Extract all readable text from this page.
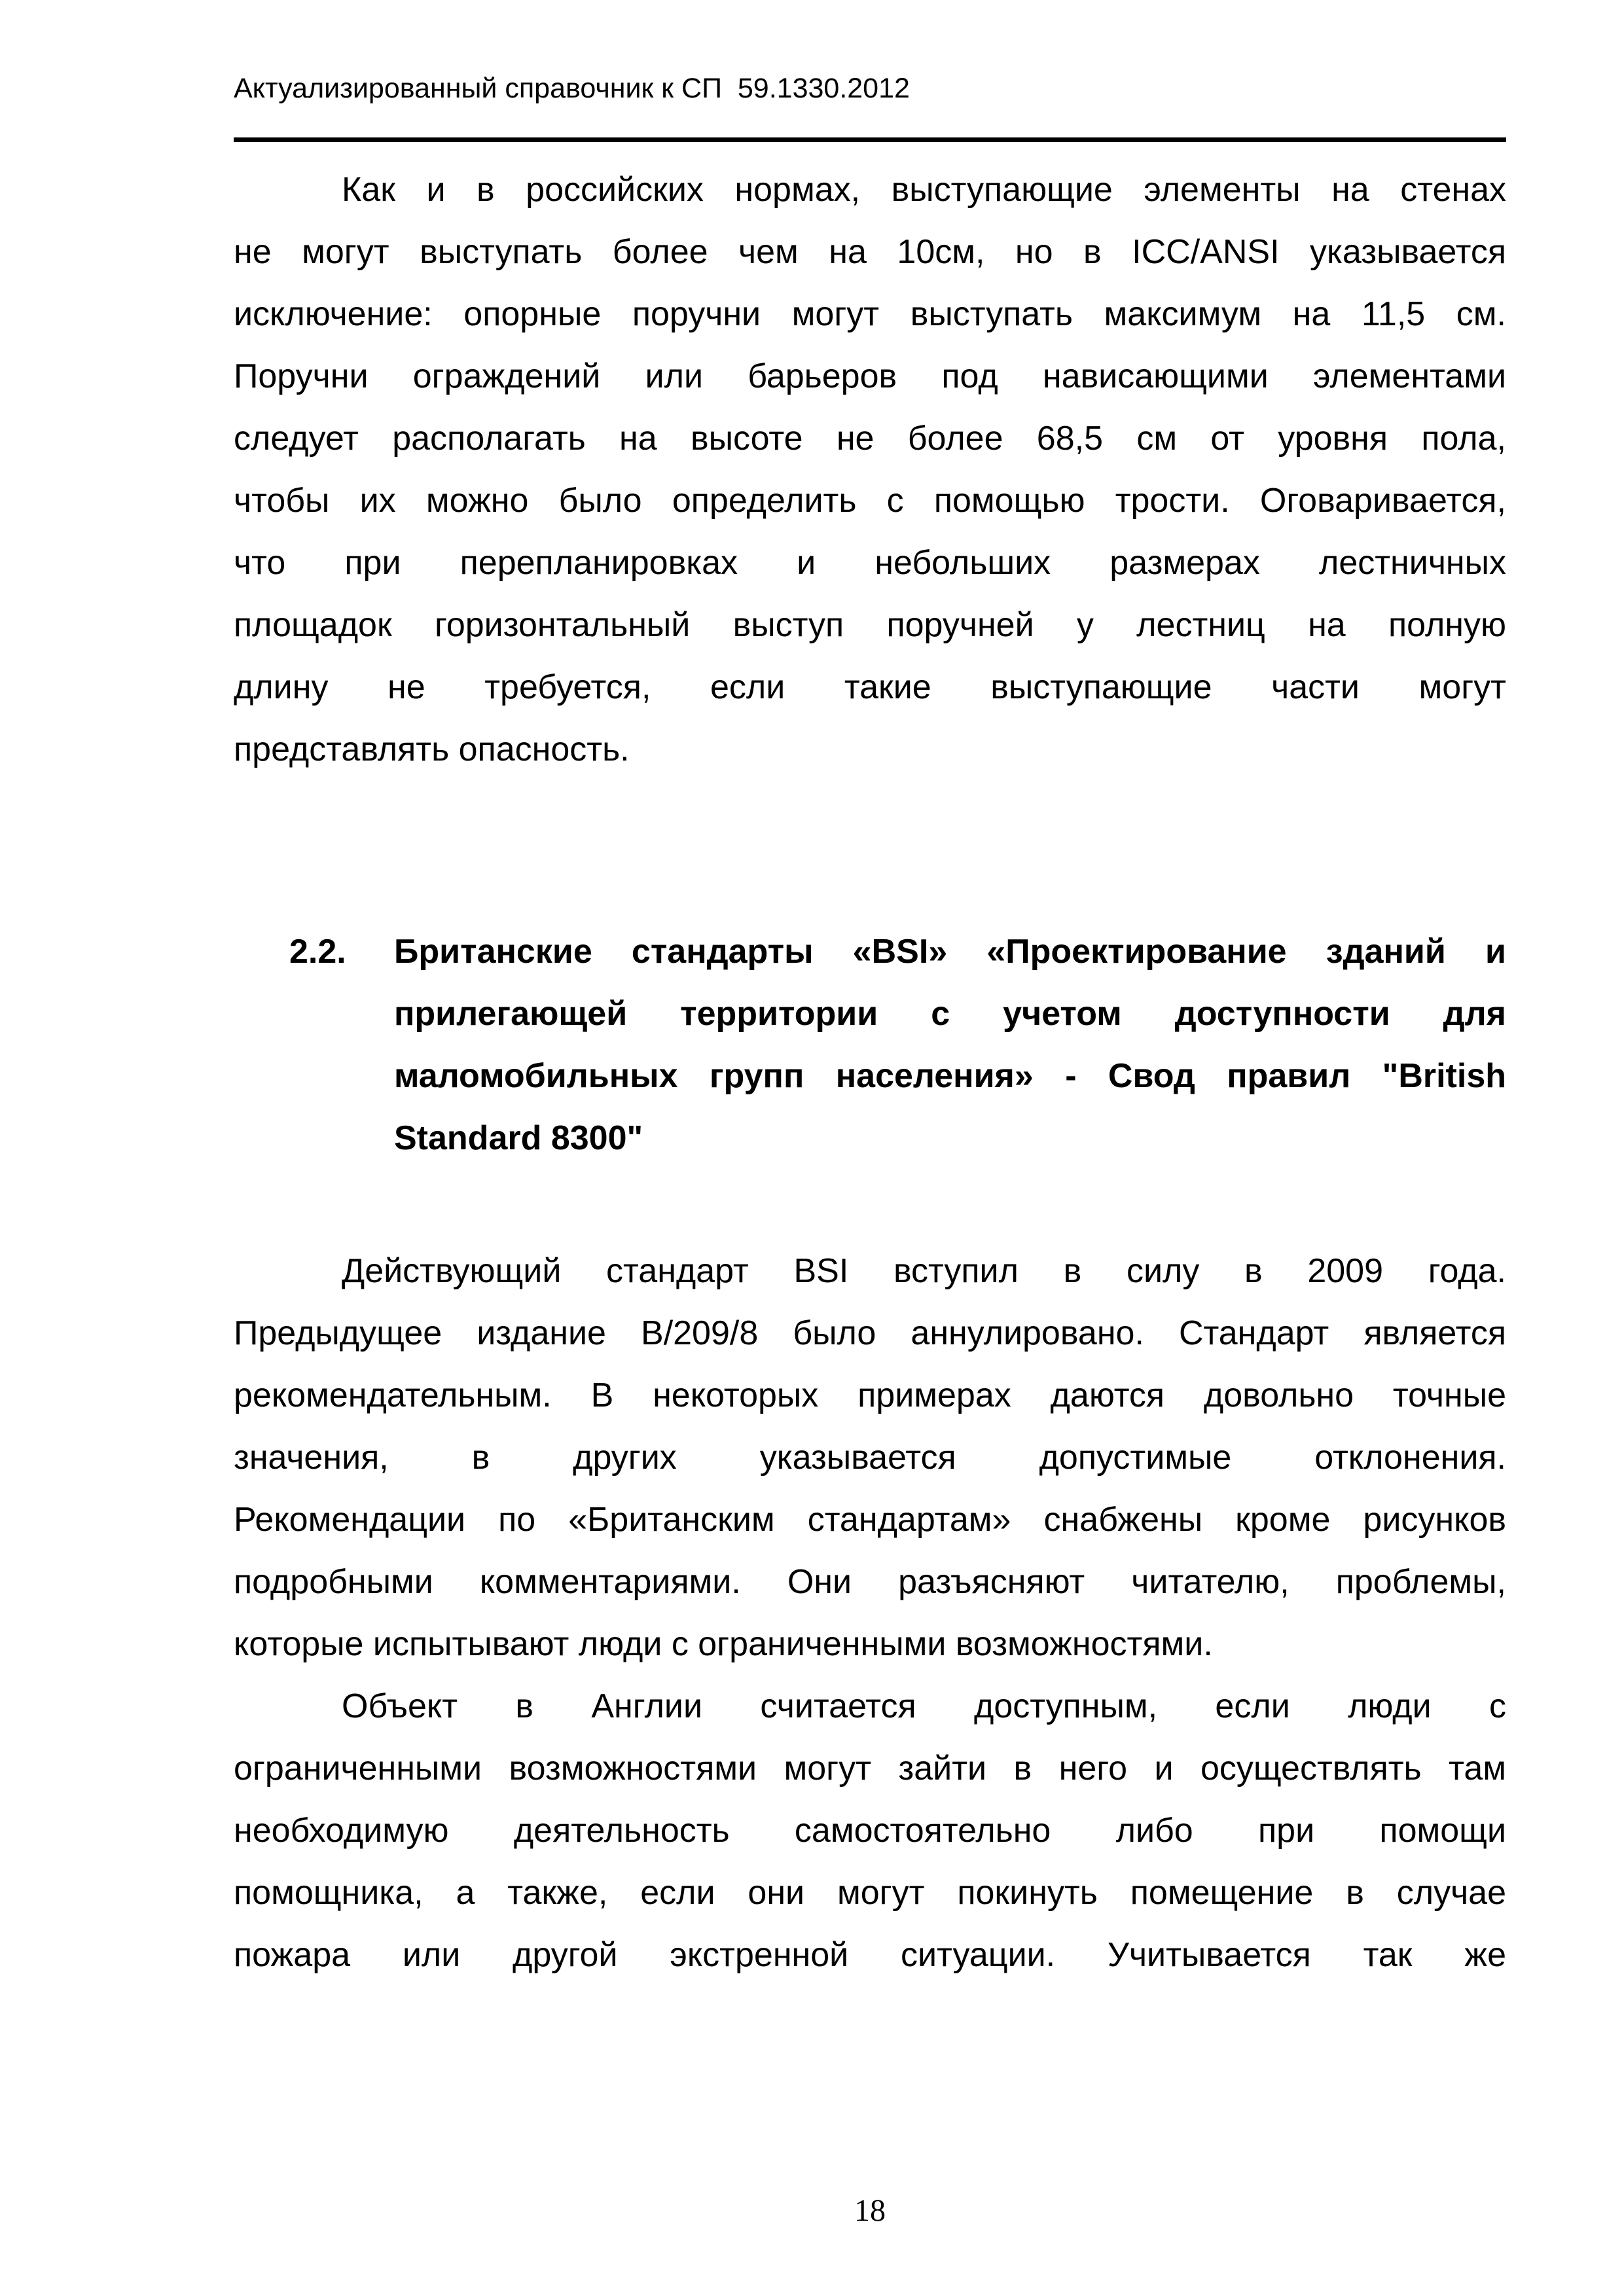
Актуализированный справочник к СП  59.1330.2012
Как и в российских нормах, выступающие элементы на стенах
не могут выступать более чем на 10см, но в ICC/ANSI указывается
исключение: опорные поручни могут выступать максимум на 11,5 см.
Поручни ограждений или барьеров под нависающими элементами
следует располагать на высоте не более 68,5 см от уровня пола,
чтобы их можно было определить с помощью трости. Оговаривается,
что при перепланировках и небольших размерах лестничных
площадок горизонтальный выступ поручней у лестниц на полную
длину не требуется, если такие выступающие части могут
представлять опасность.
2.2. Британские стандарты «BSI» «Проектирование зданий и
прилегающей территории с учетом доступности для
маломобильных групп населения» - Свод правил "British
Standard 8300"
Действующий стандарт BSI вступил в силу в 2009 года.
Предыдущее издание В/209/8 было аннулировано. Стандарт является
рекомендательным. В некоторых примерах даются довольно точные
значения, в других указывается допустимые отклонения.
Рекомендации по «Британским стандартам» снабжены кроме рисунков
подробными комментариями. Они разъясняют читателю, проблемы,
которые испытывают люди с ограниченными возможностями.
Объект в Англии считается доступным, если люди с
ограниченными возможностями могут зайти в него и осуществлять там
необходимую деятельность самостоятельно либо при помощи
помощника, а также, если они могут покинуть помещение в случае
пожара или другой экстренной ситуации. Учитывается так же
18
